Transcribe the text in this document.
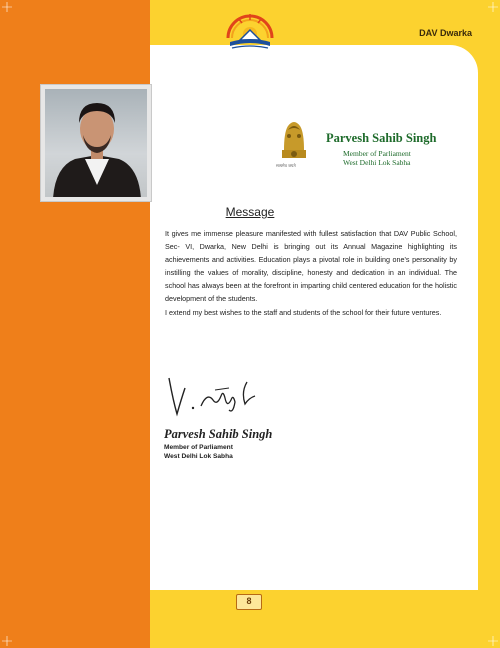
DAV Dwarka
सत्यमेव जयते
Parvesh Sahib Singh
Member of Parliament
West Delhi Lok Sabha
Message

It gives me immense pleasure manifested with fullest satisfaction that DAV Public School, Sec- VI, Dwarka, New Delhi is bringing out its Annual Magazine highlighting its achievements and activities. Education plays a pivotal role in building one's personality by instilling the values of morality, discipline, honesty and dedication in an individual. The school has always been at the forefront in imparting child centered education for the holistic development of the students.

I extend my best wishes to the staff and students of the school for their future ventures.

Parvesh Sahib Singh
Member of Parliament
West Delhi Lok Sabha
8
